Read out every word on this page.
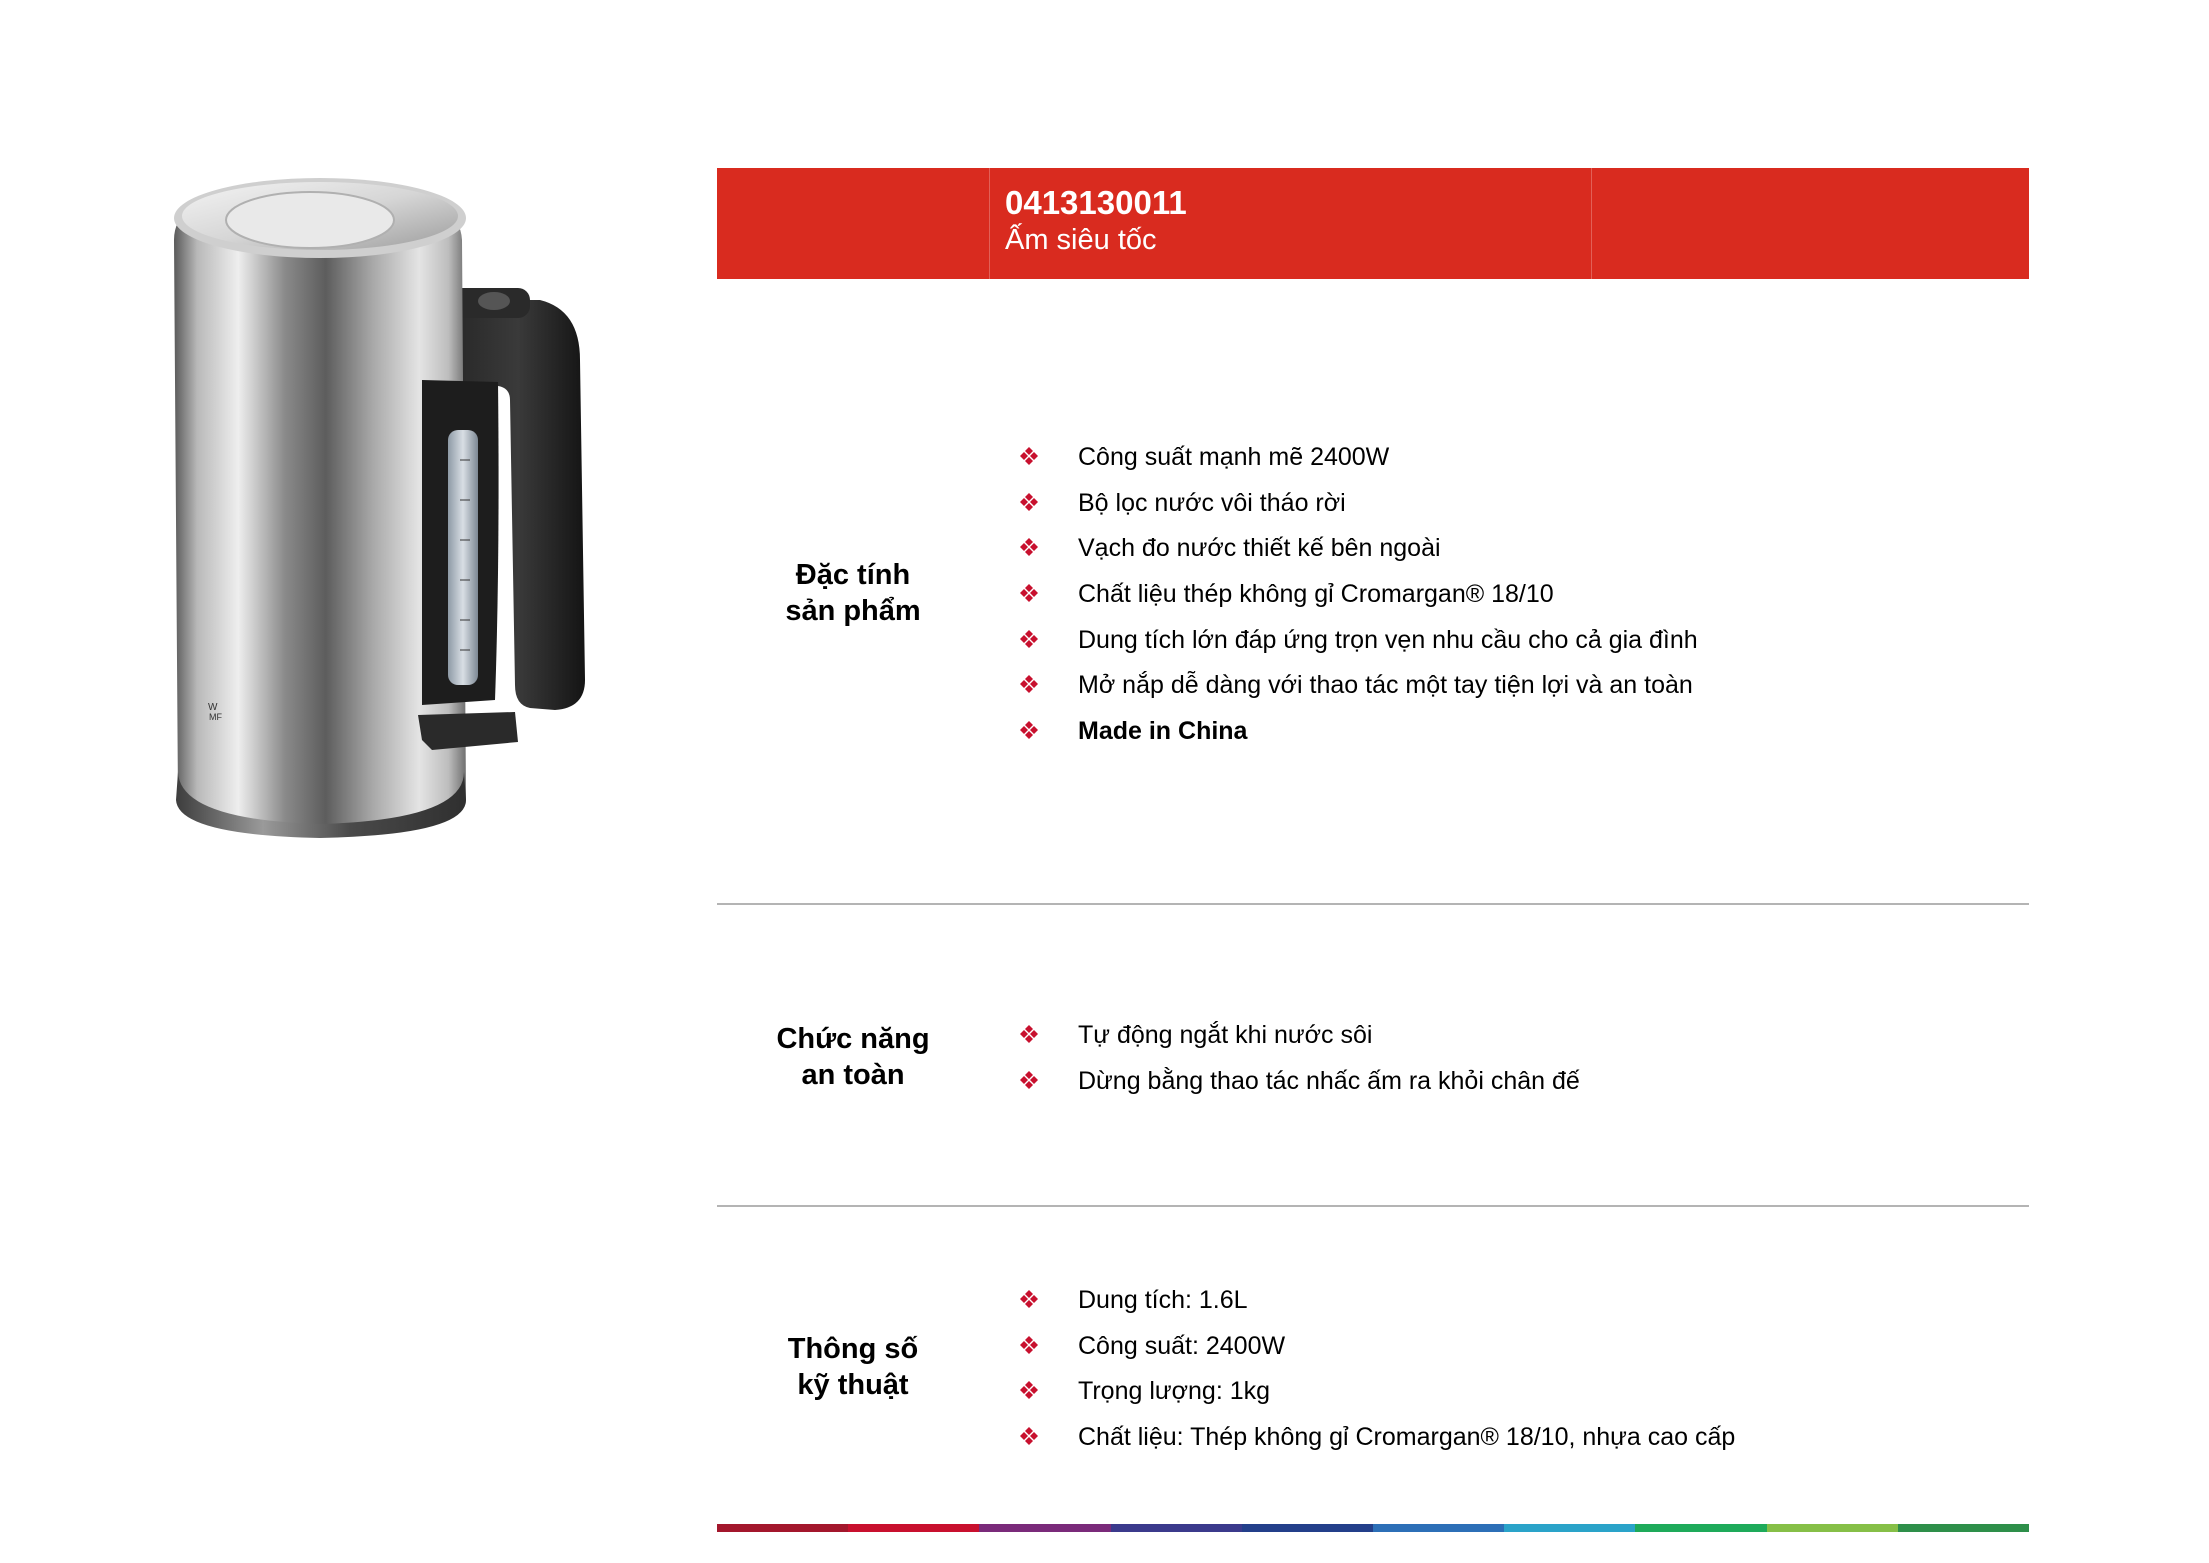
W
MF
0413130011
Ấm siêu tốc
Đặc tính
sản phẩm
Công suất mạnh mẽ 2400W
Bộ lọc nước vôi tháo rời
Vạch đo nước thiết kế bên ngoài
Chất liệu thép không gỉ Cromargan® 18/10
Dung tích lớn đáp ứng trọn vẹn nhu cầu cho cả gia đình
Mở nắp dễ dàng với thao tác một tay tiện lợi và an toàn
Made in China
Chức năng
an toàn
Tự động ngắt khi nước sôi
Dừng bằng thao tác nhấc ấm ra khỏi chân đế
Thông số
kỹ thuật
Dung tích: 1.6L
Công suất: 2400W
Trọng lượng: 1kg
Chất liệu: Thép không gỉ Cromargan® 18/10, nhựa cao cấp
